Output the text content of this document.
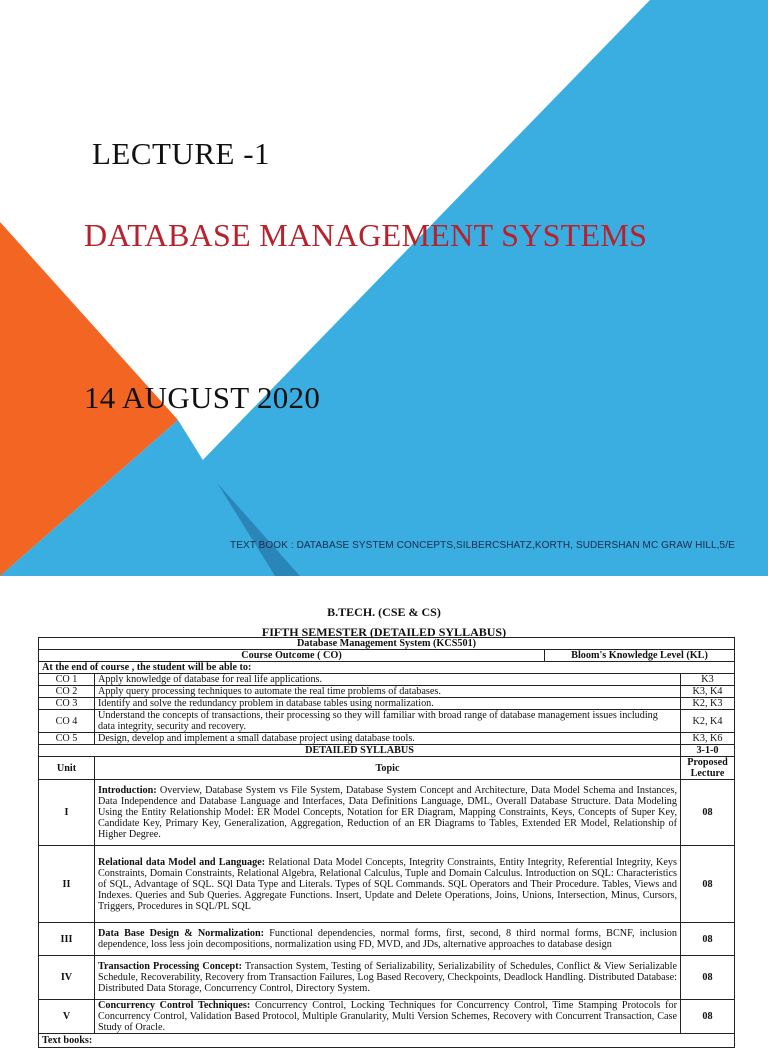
LECTURE -1
DATABASE MANAGEMENT SYSTEMS
14 AUGUST 2020
TEXT BOOK : DATABASE SYSTEM CONCEPTS,SILBERCSHATZ,KORTH, SUDERSHAN MC GRAW HILL,5/E
B.TECH. (CSE & CS)
FIFTH SEMESTER (DETAILED SYLLABUS)
Database Management System (KCS501)			
Course Outcome ( CO)		Bloom's Knowledge Level (KL)	
At the end of course , the student will be able to:			
CO 1	Apply knowledge of database for real life applications.		K3
CO 2	Apply query processing techniques to automate the real time problems of databases.		K3, K4
CO 3	Identify and solve the redundancy problem in database tables using normalization.		K2, K3
CO 4	Understand the concepts of transactions, their processing so they will familiar with broad range of database management issues including data integrity, security and recovery.		K2, K4
CO 5	Design, develop and implement a small database project using database tools.		K3, K6
DETAILED SYLLABUS			3-1-0
Unit	Topic		Proposed Lecture
I	Introduction: Overview, Database System vs File System, Database System Concept and Architecture, Data Model Schema and Instances, Data Independence and Database Language and Interfaces, Data Definitions Language, DML, Overall Database Structure. Data Modeling Using the Entity Relationship Model: ER Model Concepts, Notation for ER Diagram, Mapping Constraints, Keys, Concepts of Super Key, Candidate Key, Primary Key, Generalization, Aggregation, Reduction of an ER Diagrams to Tables, Extended ER Model, Relationship of Higher Degree.		08
II	Relational data Model and Language: Relational Data Model Concepts, Integrity Constraints, Entity Integrity, Referential Integrity, Keys Constraints, Domain Constraints, Relational Algebra, Relational Calculus, Tuple and Domain Calculus. Introduction on SQL: Characteristics of SQL, Advantage of SQL. SQl Data Type and Literals. Types of SQL Commands. SQL Operators and Their Procedure. Tables, Views and Indexes. Queries and Sub Queries. Aggregate Functions. Insert, Update and Delete Operations, Joins, Unions, Intersection, Minus, Cursors, Triggers, Procedures in SQL/PL SQL		08
III	Data Base Design & Normalization: Functional dependencies, normal forms, first, second, 8 third normal forms, BCNF, inclusion dependence, loss less join decompositions, normalization using FD, MVD, and JDs, alternative approaches to database design		08
IV	Transaction Processing Concept: Transaction System, Testing of Serializability, Serializability of Schedules, Conflict & View Serializable Schedule, Recoverability, Recovery from Transaction Failures, Log Based Recovery, Checkpoints, Deadlock Handling. Distributed Database: Distributed Data Storage, Concurrency Control, Directory System.		08
V	Concurrency Control Techniques: Concurrency Control, Locking Techniques for Concurrency Control, Time Stamping Protocols for Concurrency Control, Validation Based Protocol, Multiple Granularity, Multi Version Schemes, Recovery with Concurrent Transaction, Case Study of Oracle.		08
Text books:			
